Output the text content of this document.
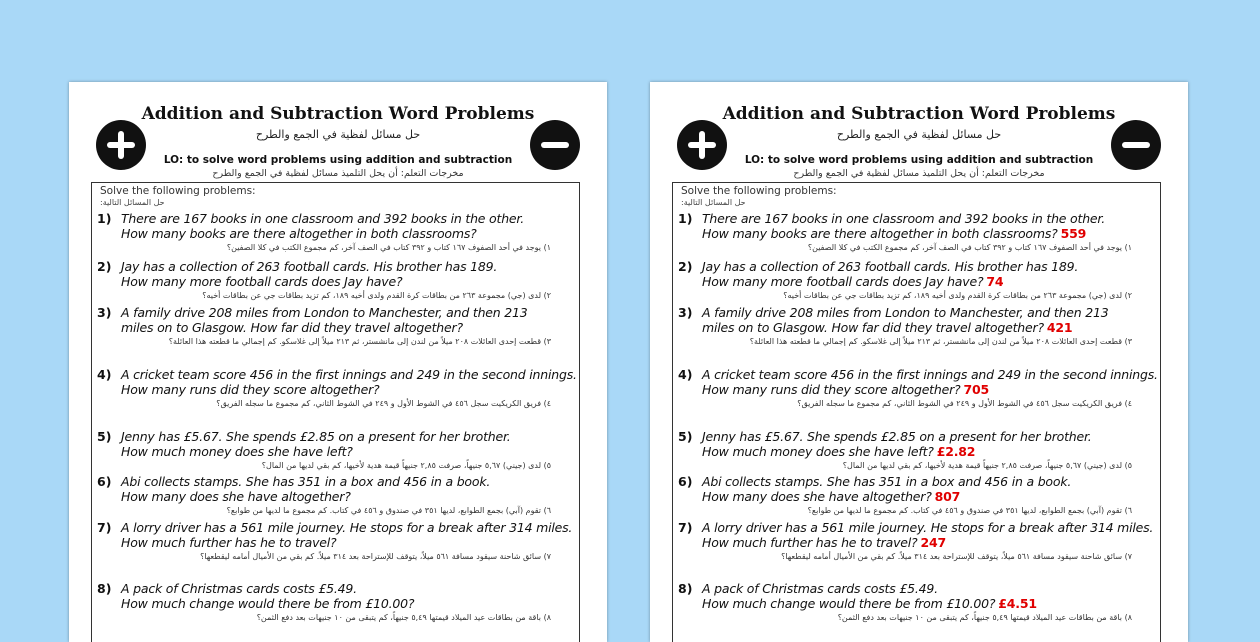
Addition and Subtraction Word Problems
حل مسائل لفظية في الجمع والطرح
LO: to solve word problems using addition and subtraction
مخرجات التعلم: أن يحل التلميذ مسائل لفظية في الجمع والطرح
Solve the following problems:
حل المسائل التالية:
1) There are 167 books in one classroom and 392 books in the other.
How many books are there altogether in both classrooms?
١) يوجد في أحد الصفوف ١٦٧ كتاب و ٣٩٢ كتاب في الصف آخر، كم مجموع الكتب في كلا الصفين؟
2) Jay has a collection of 263 football cards. His brother has 189.
How many more football cards does Jay have?
٢) لدى (جي) مجموعة ٢٦٣ من بطاقات كرة القدم ولدى أخيه ١٨٩، كم تزيد بطاقات جي عن بطاقات أخيه؟
3) A family drive 208 miles from London to Manchester, and then 213
miles on to Glasgow. How far did they travel altogether?
٣) قطعت إحدى العائلات ٢٠٨ ميلاً من لندن إلى مانشستر، ثم ٢١٣ ميلاً إلى غلاسكو. كم إجمالي ما قطعته هذا العائلة؟
4) A cricket team score 456 in the first innings and 249 in the second innings.
How many runs did they score altogether?
٤) فريق الكريكيت سجل ٤٥٦ في الشوط الأول و ٢٤٩ في الشوط الثاني، كم مجموع ما سجله الفريق؟
5) Jenny has £5.67. She spends £2.85 on a present for her brother.
How much money does she have left?
٥) لدى (جيني) ٥,٦٧ جنيهاً، صرفت ٢,٨٥ جنيهاً قيمة هدية لأخيها، كم بقي لديها من المال؟
6) Abi collects stamps. She has 351 in a box and 456 in a book.
How many does she have altogether?
٦) تقوم (آبي) بجمع الطوابع، لديها ٣٥١ في صندوق و ٤٥٦ في كتاب. كم مجموع ما لديها من طوابع؟
7) A lorry driver has a 561 mile journey. He stops for a break after 314 miles.
How much further has he to travel?
٧) سائق شاحنة سيقود مسافة ٥٦١ ميلاً، يتوقف للإستراحة بعد ٣١٤ ميلاً. كم بقي من الأميال أمامه ليقطعها؟
8) A pack of Christmas cards costs £5.49.
How much change would there be from £10.00?
٨) باقة من بطاقات عيد الميلاد قيمتها ٥,٤٩ جنيهاً، كم يتبقى من ١٠ جنيهات بعد دفع الثمن؟
Addition and Subtraction Word Problems
حل مسائل لفظية في الجمع والطرح
LO: to solve word problems using addition and subtraction
مخرجات التعلم: أن يحل التلميذ مسائل لفظية في الجمع والطرح
Solve the following problems:
حل المسائل التالية:
1) There are 167 books in one classroom and 392 books in the other.
How many books are there altogether in both classrooms? 559
١) يوجد في أحد الصفوف ١٦٧ كتاب و ٣٩٢ كتاب في الصف آخر، كم مجموع الكتب في كلا الصفين؟
2) Jay has a collection of 263 football cards. His brother has 189.
How many more football cards does Jay have? 74
٢) لدى (جي) مجموعة ٢٦٣ من بطاقات كرة القدم ولدى أخيه ١٨٩، كم تزيد بطاقات جي عن بطاقات أخيه؟
3) A family drive 208 miles from London to Manchester, and then 213
miles on to Glasgow. How far did they travel altogether? 421
٣) قطعت إحدى العائلات ٢٠٨ ميلاً من لندن إلى مانشستر، ثم ٢١٣ ميلاً إلى غلاسكو. كم إجمالي ما قطعته هذا العائلة؟
4) A cricket team score 456 in the first innings and 249 in the second innings.
How many runs did they score altogether? 705
٤) فريق الكريكيت سجل ٤٥٦ في الشوط الأول و ٢٤٩ في الشوط الثاني، كم مجموع ما سجله الفريق؟
5) Jenny has £5.67. She spends £2.85 on a present for her brother.
How much money does she have left? £2.82
٥) لدى (جيني) ٥,٦٧ جنيهاً، صرفت ٢,٨٥ جنيهاً قيمة هدية لأخيها، كم بقي لديها من المال؟
6) Abi collects stamps. She has 351 in a box and 456 in a book.
How many does she have altogether? 807
٦) تقوم (آبي) بجمع الطوابع، لديها ٣٥١ في صندوق و ٤٥٦ في كتاب. كم مجموع ما لديها من طوابع؟
7) A lorry driver has a 561 mile journey. He stops for a break after 314 miles.
How much further has he to travel? 247
٧) سائق شاحنة سيقود مسافة ٥٦١ ميلاً، يتوقف للإستراحة بعد ٣١٤ ميلاً. كم بقي من الأميال أمامه ليقطعها؟
8) A pack of Christmas cards costs £5.49.
How much change would there be from £10.00? £4.51
٨) باقة من بطاقات عيد الميلاد قيمتها ٥,٤٩ جنيهاً، كم يتبقى من ١٠ جنيهات بعد دفع الثمن؟
